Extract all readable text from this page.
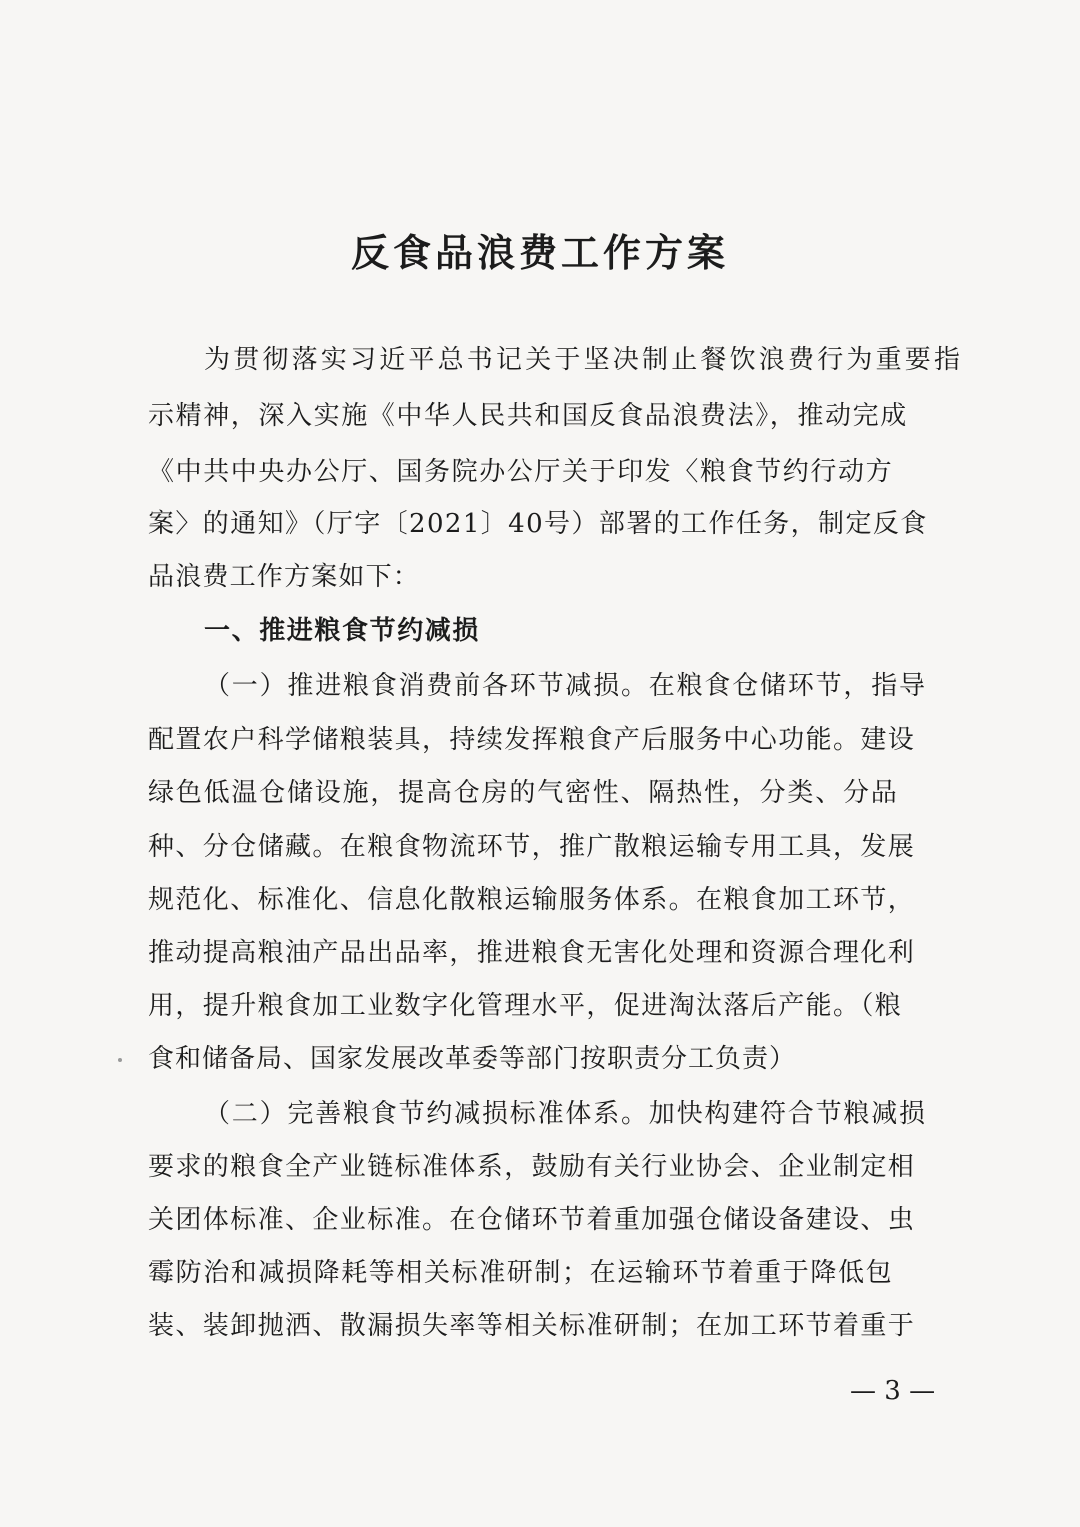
反食品浪费工作方案
为贯彻落实习近平总书记关于坚决制止餐饮浪费行为重要指
示精神，深入实施《中华人民共和国反食品浪费法》，推动完成
《中共中央办公厅、国务院办公厅关于印发〈粮食节约行动方
案〉的通知》（厅字〔2021〕40号）部署的工作任务，制定反食
品浪费工作方案如下：
一、推进粮食节约减损
（一）推进粮食消费前各环节减损。在粮食仓储环节，指导
配置农户科学储粮装具，持续发挥粮食产后服务中心功能。建设
绿色低温仓储设施，提高仓房的气密性、隔热性，分类、分品
种、分仓储藏。在粮食物流环节，推广散粮运输专用工具，发展
规范化、标准化、信息化散粮运输服务体系。在粮食加工环节，
推动提高粮油产品出品率，推进粮食无害化处理和资源合理化利
用，提升粮食加工业数字化管理水平，促进淘汰落后产能。（粮
食和储备局、国家发展改革委等部门按职责分工负责）
（二）完善粮食节约减损标准体系。加快构建符合节粮减损
要求的粮食全产业链标准体系，鼓励有关行业协会、企业制定相
关团体标准、企业标准。在仓储环节着重加强仓储设备建设、虫
霉防治和减损降耗等相关标准研制；在运输环节着重于降低包
装、装卸抛洒、散漏损失率等相关标准研制；在加工环节着重于
— 3 —
